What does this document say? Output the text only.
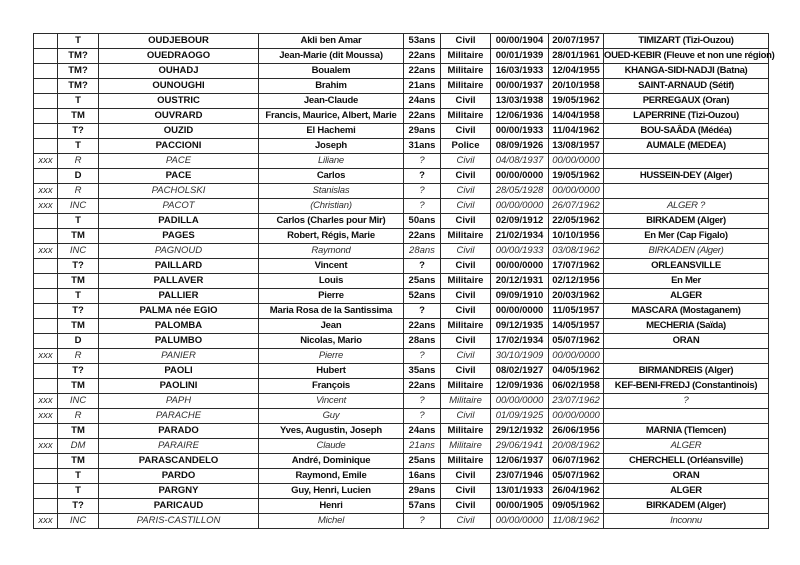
	T	OUDJEBOUR	Akli ben Amar	53ans	Civil	00/00/1904	20/07/1957	TIMIZART (Tizi-Ouzou)
	TM?	OUEDRAOGO	Jean-Marie (dit Moussa)	22ans	Militaire	00/01/1939	28/01/1961	OUED-KEBIR (Fleuve et non une région)
	TM?	OUHADJ	Boualem	22ans	Militaire	16/03/1933	12/04/1955	KHANGA-SIDI-NADJI (Batna)
	TM?	OUNOUGHI	Brahim	21ans	Militaire	00/00/1937	20/10/1958	SAINT-ARNAUD (Sétif)
	T	OUSTRIC	Jean-Claude	24ans	Civil	13/03/1938	19/05/1962	PERREGAUX (Oran)
	TM	OUVRARD	Francis, Maurice, Albert, Marie	22ans	Militaire	12/06/1936	14/04/1958	LAPERRINE (Tizi-Ouzou)
	T?	OUZID	El Hachemi	29ans	Civil	00/00/1933	11/04/1962	BOU-SAÂDA (Médéa)
	T	PACCIONI	Joseph	31ans	Police	08/09/1926	13/08/1957	AUMALE (MEDEA)
xxx	R	PACE	Liliane	?	Civil	04/08/1937	00/00/0000	
	D	PACE	Carlos	?	Civil	00/00/0000	19/05/1962	HUSSEIN-DEY (Alger)
xxx	R	PACHOLSKI	Stanislas	?	Civil	28/05/1928	00/00/0000	
xxx	INC	PACOT	(Christian)	?	Civil	00/00/0000	26/07/1962	ALGER ?
	T	PADILLA	Carlos (Charles pour Mir)	50ans	Civil	02/09/1912	22/05/1962	BIRKADEM (Alger)
	TM	PAGES	Robert, Régis, Marie	22ans	Militaire	21/02/1934	10/10/1956	En Mer (Cap Figalo)
xxx	INC	PAGNOUD	Raymond	28ans	Civil	00/00/1933	03/08/1962	BIRKADEN (Alger)
	T?	PAILLARD	Vincent	?	Civil	00/00/0000	17/07/1962	ORLEANSVILLE
	TM	PALLAVER	Louis	25ans	Militaire	20/12/1931	02/12/1956	En Mer
	T	PALLIER	Pierre	52ans	Civil	09/09/1910	20/03/1962	ALGER
	T?	PALMA née EGIO	Maria Rosa de la Santissima	?	Civil	00/00/0000	11/05/1957	MASCARA (Mostaganem)
	TM	PALOMBA	Jean	22ans	Militaire	09/12/1935	14/05/1957	MECHERIA (Saïda)
	D	PALUMBO	Nicolas, Mario	28ans	Civil	17/02/1934	05/07/1962	ORAN
xxx	R	PANIER	Pierre	?	Civil	30/10/1909	00/00/0000	
	T?	PAOLI	Hubert	35ans	Civil	08/02/1927	04/05/1962	BIRMANDREIS (Alger)
	TM	PAOLINI	François	22ans	Militaire	12/09/1936	06/02/1958	KEF-BENI-FREDJ (Constantinois)
xxx	INC	PAPH	Vincent	?	Militaire	00/00/0000	23/07/1962	?
xxx	R	PARACHE	Guy	?	Civil	01/09/1925	00/00/0000	
	TM	PARADO	Yves, Augustin, Joseph	24ans	Militaire	29/12/1932	26/06/1956	MARNIA (Tlemcen)
xxx	DM	PARAIRE	Claude	21ans	Militaire	29/06/1941	20/08/1962	ALGER
	TM	PARASCANDELO	André, Dominique	25ans	Militaire	12/06/1937	06/07/1962	CHERCHELL (Orléansville)
	T	PARDO	Raymond, Emile	16ans	Civil	23/07/1946	05/07/1962	ORAN
	T	PARGNY	Guy, Henri, Lucien	29ans	Civil	13/01/1933	26/04/1962	ALGER
	T?	PARICAUD	Henri	57ans	Civil	00/00/1905	09/05/1962	BIRKADEM (Alger)
xxx	INC	PARIS-CASTILLON	Michel	?	Civil	00/00/0000	11/08/1962	Inconnu
